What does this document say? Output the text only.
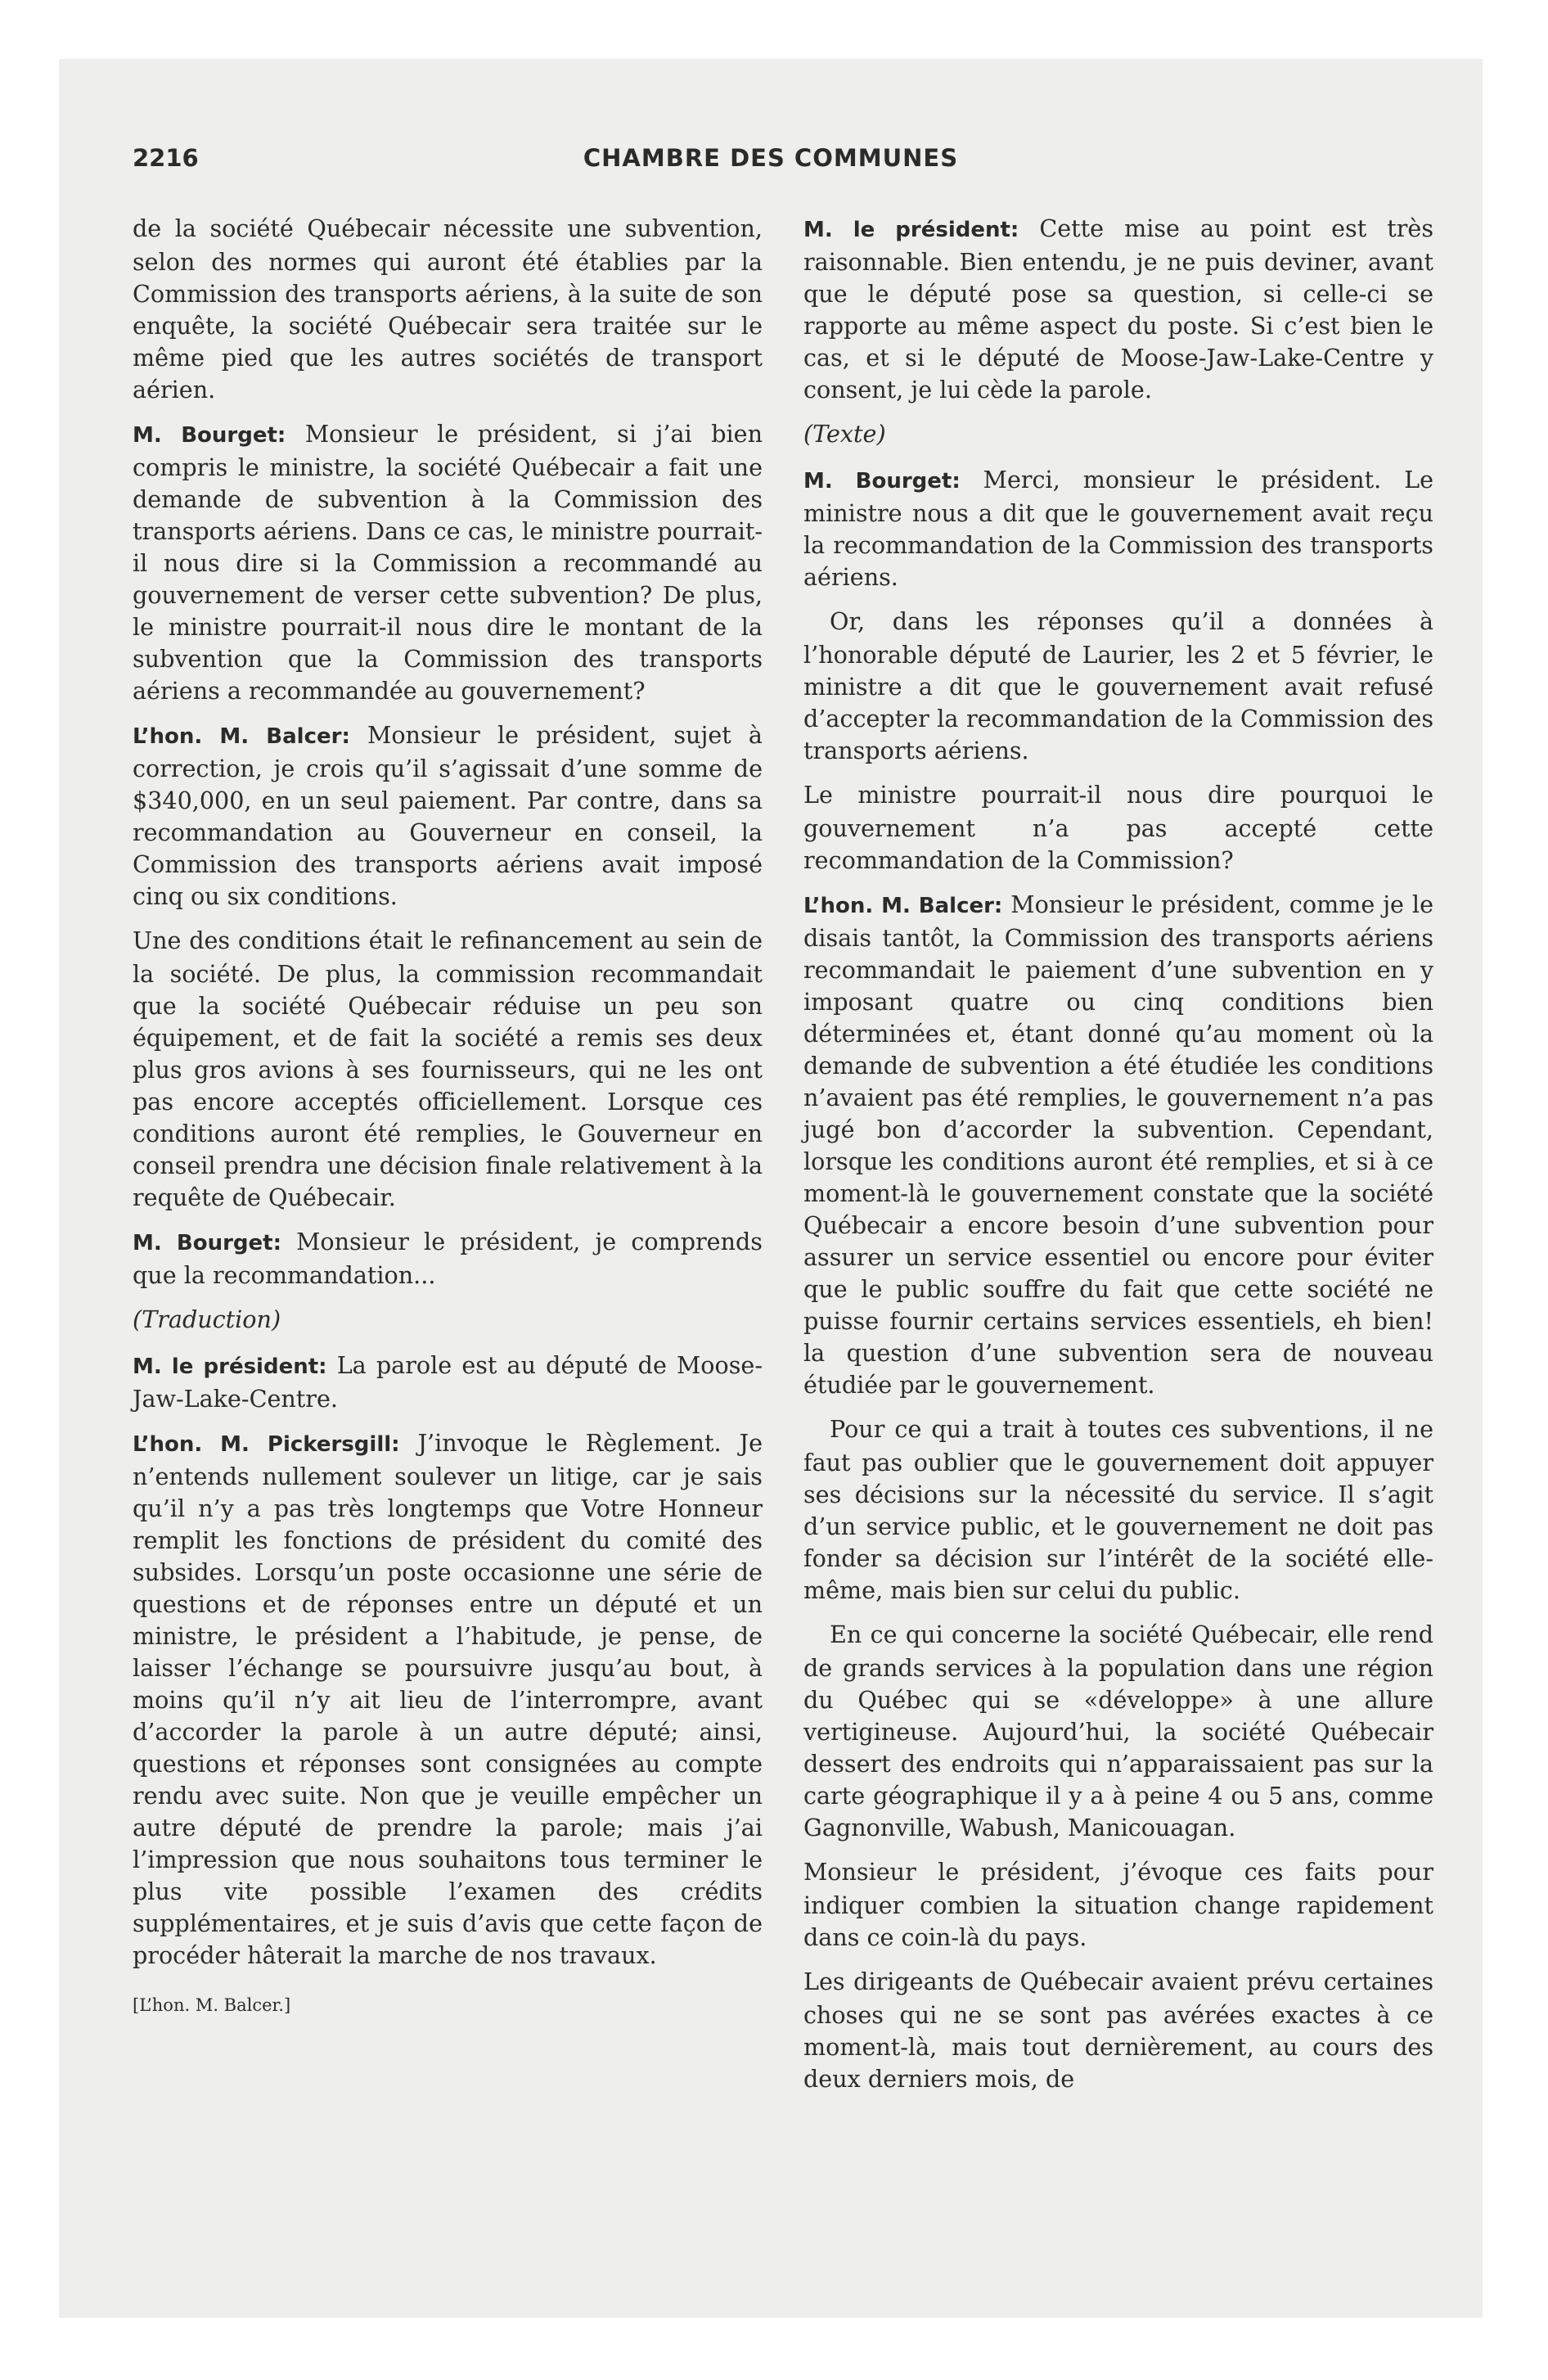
2216	CHAMBRE DES COMMUNES

de la société Québecair nécessite une subvention, selon des normes qui auront été établies par la Commission des transports aériens, à la suite de son enquête, la société Québecair sera traitée sur le même pied que les autres sociétés de transport aérien.

M. Bourget: Monsieur le président, si j’ai bien compris le ministre, la société Québecair a fait une demande de subvention à la Commission des transports aériens. Dans ce cas, le ministre pourrait-il nous dire si la Commission a recommandé au gouvernement de verser cette subvention? De plus, le ministre pourrait-il nous dire le montant de la subvention que la Commission des transports aériens a recommandée au gouvernement?

L’hon. M. Balcer: Monsieur le président, sujet à correction, je crois qu’il s’agissait d’une somme de $340,000, en un seul paiement. Par contre, dans sa recommandation au Gouverneur en conseil, la Commission des transports aériens avait imposé cinq ou six conditions.

Une des conditions était le refinancement au sein de la société. De plus, la commission recommandait que la société Québecair réduise un peu son équipement, et de fait la société a remis ses deux plus gros avions à ses fournisseurs, qui ne les ont pas encore acceptés officiellement. Lorsque ces conditions auront été remplies, le Gouverneur en conseil prendra une décision finale relativement à la requête de Québecair.

M. Bourget: Monsieur le président, je comprends que la recommandation...

(Traduction)

M. le président: La parole est au député de Moose-Jaw-Lake-Centre.

L’hon. M. Pickersgill: J’invoque le Règlement. Je n’entends nullement soulever un litige, car je sais qu’il n’y a pas très longtemps que Votre Honneur remplit les fonctions de président du comité des subsides. Lorsqu’un poste occasionne une série de questions et de réponses entre un député et un ministre, le président a l’habitude, je pense, de laisser l’échange se poursuivre jusqu’au bout, à moins qu’il n’y ait lieu de l’interrompre, avant d’accorder la parole à un autre député; ainsi, questions et réponses sont consignées au compte rendu avec suite. Non que je veuille empêcher un autre député de prendre la parole; mais j’ai l’impression que nous souhaitons tous terminer le plus vite possible l’examen des crédits supplémentaires, et je suis d’avis que cette façon de procéder hâterait la marche de nos travaux.

[L’hon. M. Balcer.]

M. le président: Cette mise au point est très raisonnable. Bien entendu, je ne puis deviner, avant que le député pose sa question, si celle-ci se rapporte au même aspect du poste. Si c’est bien le cas, et si le député de Moose-Jaw-Lake-Centre y consent, je lui cède la parole.

(Texte)

M. Bourget: Merci, monsieur le président. Le ministre nous a dit que le gouvernement avait reçu la recommandation de la Commission des transports aériens.

Or, dans les réponses qu’il a données à l’honorable député de Laurier, les 2 et 5 février, le ministre a dit que le gouvernement avait refusé d’accepter la recommandation de la Commission des transports aériens.

Le ministre pourrait-il nous dire pourquoi le gouvernement n’a pas accepté cette recommandation de la Commission?

L’hon. M. Balcer: Monsieur le président, comme je le disais tantôt, la Commission des transports aériens recommandait le paiement d’une subvention en y imposant quatre ou cinq conditions bien déterminées et, étant donné qu’au moment où la demande de subvention a été étudiée les conditions n’avaient pas été remplies, le gouvernement n’a pas jugé bon d’accorder la subvention. Cependant, lorsque les conditions auront été remplies, et si à ce moment-là le gouvernement constate que la société Québecair a encore besoin d’une subvention pour assurer un service essentiel ou encore pour éviter que le public souffre du fait que cette société ne puisse fournir certains services essentiels, eh bien! la question d’une subvention sera de nouveau étudiée par le gouvernement.

Pour ce qui a trait à toutes ces subventions, il ne faut pas oublier que le gouvernement doit appuyer ses décisions sur la nécessité du service. Il s’agit d’un service public, et le gouvernement ne doit pas fonder sa décision sur l’intérêt de la société elle-même, mais bien sur celui du public.

En ce qui concerne la société Québecair, elle rend de grands services à la population dans une région du Québec qui se «développe» à une allure vertigineuse. Aujourd’hui, la société Québecair dessert des endroits qui n’apparaissaient pas sur la carte géographique il y a à peine 4 ou 5 ans, comme Gagnonville, Wabush, Manicouagan.

Monsieur le président, j’évoque ces faits pour indiquer combien la situation change rapidement dans ce coin-là du pays.

Les dirigeants de Québecair avaient prévu certaines choses qui ne se sont pas avérées exactes à ce moment-là, mais tout dernièrement, au cours des deux derniers mois, de
